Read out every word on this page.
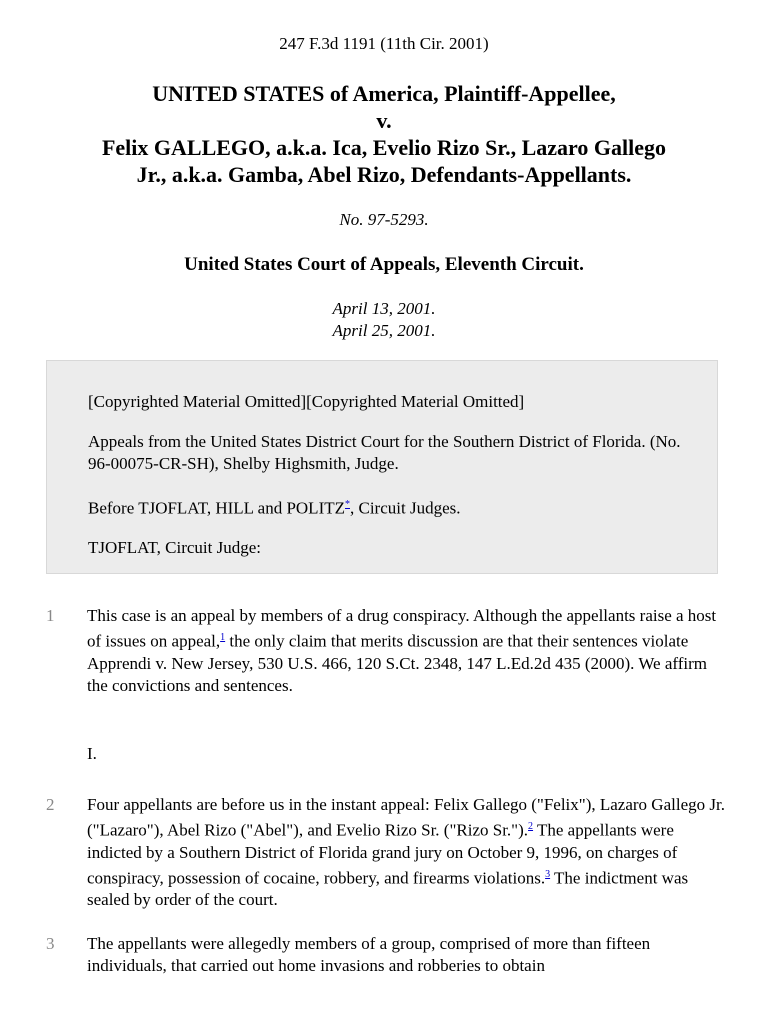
247 F.3d 1191 (11th Cir. 2001)
UNITED STATES of America, Plaintiff-Appellee,
v.
Felix GALLEGO, a.k.a. Ica, Evelio Rizo Sr., Lazaro Gallego
Jr., a.k.a. Gamba, Abel Rizo, Defendants-Appellants.
No. 97-5293.
United States Court of Appeals, Eleventh Circuit.
April 13, 2001.
April 25, 2001.

[Copyrighted Material Omitted][Copyrighted Material Omitted]

Appeals from the United States District Court for the Southern District of Florida. (No. 96-00075-CR-SH), Shelby Highsmith, Judge.

Before TJOFLAT, HILL and POLITZ*, Circuit Judges.

TJOFLAT, Circuit Judge:

1	This case is an appeal by members of a drug conspiracy. Although the appellants raise a host of issues on appeal,$^1$ the only claim that merits discussion are that their sentences violate Apprendi v. New Jersey, 530 U.S. 466, 120 S.Ct. 2348, 147 L.Ed.2d 435 (2000). We affirm the convictions and sentences.
I.
2	Four appellants are before us in the instant appeal: Felix Gallego ("Felix"), Lazaro Gallego Jr. ("Lazaro"), Abel Rizo ("Abel"), and Evelio Rizo Sr. ("Rizo Sr.").$^2$ The appellants were indicted by a Southern District of Florida grand jury on October 9, 1996, on charges of conspiracy, possession of cocaine, robbery, and firearms violations.$^3$ The indictment was sealed by order of the court.
3	The appellants were allegedly members of a group, comprised of more than fifteen individuals, that carried out home invasions and robberies to obtain
